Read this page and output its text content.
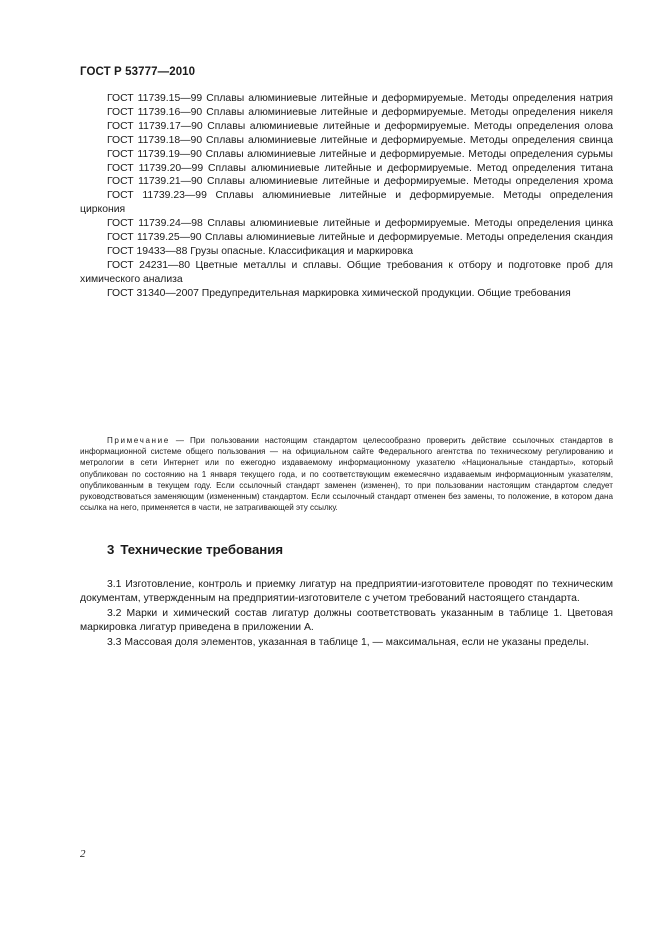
ГОСТ Р 53777—2010

ГОСТ 11739.15—99 Сплавы алюминиевые литейные и деформируемые. Методы определения натрия

ГОСТ 11739.16—90 Сплавы алюминиевые литейные и деформируемые. Методы определения никеля

ГОСТ 11739.17—90 Сплавы алюминиевые литейные и деформируемые. Методы определения олова

ГОСТ 11739.18—90 Сплавы алюминиевые литейные и деформируемые. Методы определения свинца

ГОСТ 11739.19—90 Сплавы алюминиевые литейные и деформируемые. Методы определения сурьмы

ГОСТ 11739.20—99 Сплавы алюминиевые литейные и деформируемые. Метод определения титана

ГОСТ 11739.21—90 Сплавы алюминиевые литейные и деформируемые. Методы определения хрома

ГОСТ 11739.23—99 Сплавы алюминиевые литейные и деформируемые. Методы определения циркония

ГОСТ 11739.24—98 Сплавы алюминиевые литейные и деформируемые. Методы определения цинка

ГОСТ 11739.25—90 Сплавы алюминиевые литейные и деформируемые. Методы определения скандия

ГОСТ 19433—88 Грузы опасные. Классификация и маркировка

ГОСТ 24231—80 Цветные металлы и сплавы. Общие требования к отбору и подготовке проб для химического анализа

ГОСТ 31340—2007 Предупредительная маркировка химической продукции. Общие требования

Примечание — При пользовании настоящим стандартом целесообразно проверить действие ссылочных стандартов в информационной системе общего пользования — на официальном сайте Федерального агентства по техническому регулированию и метрологии в сети Интернет или по ежегодно издаваемому информационному указателю «Национальные стандарты», который опубликован по состоянию на 1 января текущего года, и по соответствующим ежемесячно издаваемым информационным указателям, опубликованным в текущем году. Если ссылочный стандарт заменен (изменен), то при пользовании настоящим стандартом следует руководствоваться заменяющим (измененным) стандартом. Если ссылочный стандарт отменен без замены, то положение, в котором дана ссылка на него, применяется в части, не затрагивающей эту ссылку.

3 Технические требования

3.1 Изготовление, контроль и приемку лигатур на предприятии-изготовителе проводят по техническим документам, утвержденным на предприятии-изготовителе с учетом требований настоящего стандарта.

3.2 Марки и химический состав лигатур должны соответствовать указанным в таблице 1. Цветовая маркировка лигатур приведена в приложении А.

3.3 Массовая доля элементов, указанная в таблице 1, — максимальная, если не указаны пределы.

2
